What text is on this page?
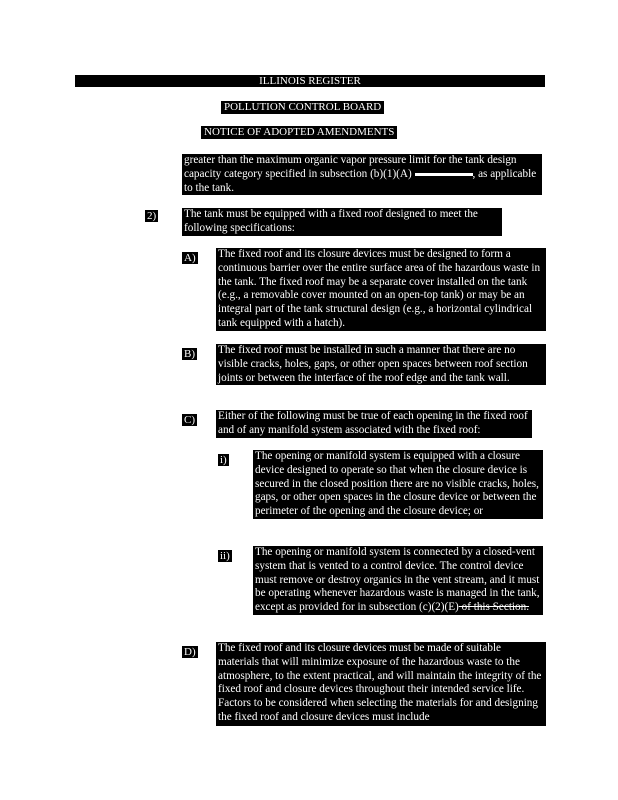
ILLINOIS REGISTER
POLLUTION CONTROL BOARD
NOTICE OF ADOPTED AMENDMENTS
greater than the maximum organic vapor pressure limit for the tank design capacity category specified in subsection (b)(1)(A)	, as applicable to the tank.
2) The tank must be equipped with a fixed roof designed to meet the following specifications:
A) The fixed roof and its closure devices must be designed to form a continuous barrier over the entire surface area of the hazardous waste in the tank. The fixed roof may be a separate cover installed on the tank (e.g., a removable cover mounted on an open-top tank) or may be an integral part of the tank structural design (e.g., a horizontal cylindrical tank equipped with a hatch).
B) The fixed roof must be installed in such a manner that there are no visible cracks, holes, gaps, or other open spaces between roof section joints or between the interface of the roof edge and the tank wall.
C) Either of the following must be true of each opening in the fixed roof and of any manifold system associated with the fixed roof:
i)	The opening or manifold system is equipped with a closure device designed to operate so that when the closure device is secured in the closed position there are no visible cracks, holes, gaps, or other open spaces in the closure device or between the perimeter of the opening and the closure device; or
ii) The opening or manifold system is connected by a closed-vent system that is vented to a control device. The control device must remove or destroy organics in the vent stream, and it must be operating whenever hazardous waste is managed in the tank, except as provided for in subsection (c)(2)(E) of this Section.
D) The fixed roof and its closure devices must be made of suitable materials that will minimize exposure of the hazardous waste to the atmosphere, to the extent practical, and will maintain the integrity of the fixed roof and closure devices throughout their intended service life. Factors to be considered when selecting the materials for and designing the fixed roof and closure devices must include
